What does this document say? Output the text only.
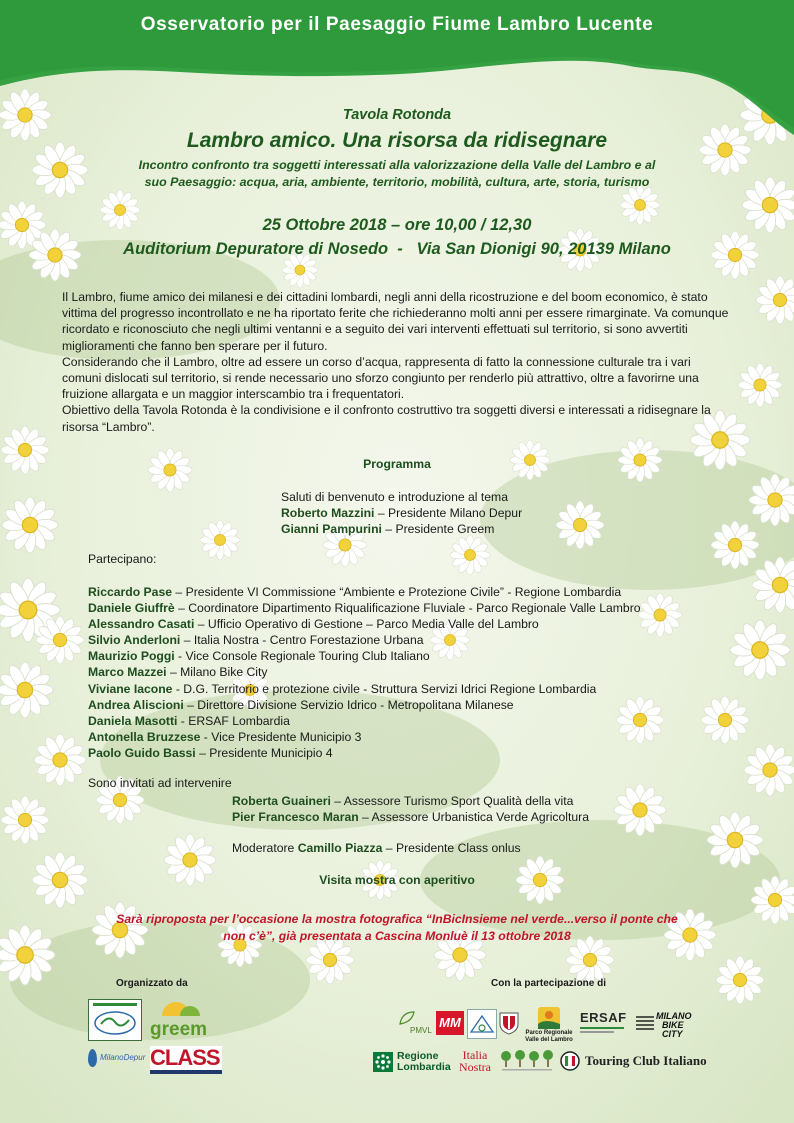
Osservatorio per il Paesaggio Fiume Lambro Lucente
Tavola Rotonda
Lambro amico. Una risorsa da ridisegnare
Incontro confronto tra soggetti interessati alla valorizzazione della Valle del Lambro e al
suo Paesaggio: acqua, aria, ambiente, territorio, mobilità, cultura, arte, storia, turismo
25 Ottobre 2018 – ore 10,00 / 12,30
Auditorium Depuratore di Nosedo  -   Via San Dionigi 90, 20139 Milano

Il Lambro, fiume amico dei milanesi e dei cittadini lombardi, negli anni della ricostruzione e del boom economico, è stato vittima del progresso incontrollato e ne ha riportato ferite che richiederanno molti anni per essere rimarginate. Va comunque ricordato e riconosciuto che negli ultimi ventanni e a seguito dei vari interventi effettuati sul territorio, si sono avvertiti miglioramenti che fanno ben sperare per il futuro.

Considerando che il Lambro, oltre ad essere un corso d’acqua, rappresenta di fatto la connessione culturale tra i vari comuni dislocati sul territorio, si rende necessario uno sforzo congiunto per renderlo più attrattivo, oltre a favorirne una fruizione allargata e un maggior interscambio tra i frequentatori.

Obiettivo della Tavola Rotonda è la condivisione e il confronto costruttivo tra soggetti diversi e interessati a ridisegnare la risorsa “Lambro”.

Programma
Saluti di benvenuto e introduzione al tema
Roberto Mazzini – Presidente Milano Depur
Gianni Pampurini – Presidente Greem
Partecipano:
Riccardo Pase – Presidente VI Commissione “Ambiente e Protezione Civile” - Regione Lombardia
Daniele Giuffrè – Coordinatore Dipartimento Riqualificazione Fluviale - Parco Regionale Valle Lambro
Alessandro Casati – Ufficio Operativo di Gestione – Parco Media Valle del Lambro
Silvio Anderloni – Italia Nostra - Centro Forestazione Urbana
Maurizio Poggi - Vice Console Regionale Touring Club Italiano
Marco Mazzei – Milano Bike City
Viviane Iacone - D.G. Territorio e protezione civile - Struttura Servizi Idrici Regione Lombardia
Andrea Aliscioni – Direttore Divisione Servizio Idrico - Metropolitana Milanese
Daniela Masotti - ERSAF Lombardia
Antonella Bruzzese - Vice Presidente Municipio 3
Paolo Guido Bassi – Presidente Municipio 4
Sono invitati ad intervenire
Roberta Guaineri – Assessore Turismo Sport Qualità della vita
Pier Francesco Maran – Assessore Urbanistica Verde Agricoltura
Moderatore Camillo Piazza – Presidente Class onlus
Visita mostra con aperitivo
Sarà riproposta per l’occasione la mostra fotografica “InBicInsieme nel verde...verso il ponte che
non c’è”, già presentata a Cascina Monluè il 13 ottobre 2018
Organizzato da	Con la partecipazione di
greem
MilanoDepur CLASS
PMVL
MM
Parco Regionale
Valle del Lambro
ERSAF	MILANO
BIKE
CITY
Regione
Lombardia
Italia
Nostra	Touring Club Italiano
